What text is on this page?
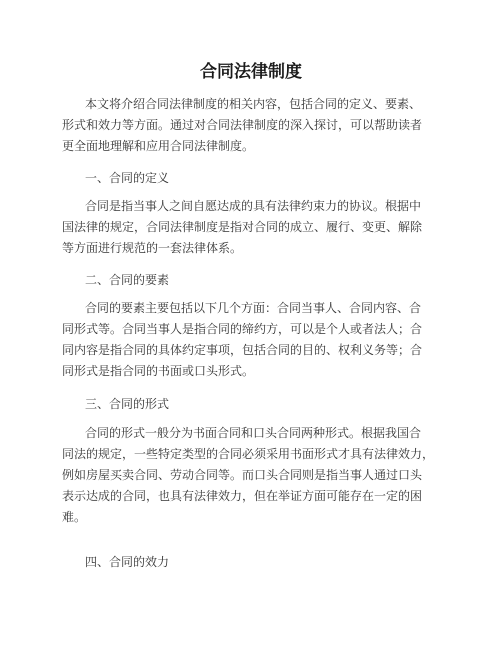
合同法律制度
本文将介绍合同法律制度的相关内容，包括合同的定义、要素、
形式和效力等方面。通过对合同法律制度的深入探讨，可以帮助读者
更全面地理解和应用合同法律制度。
一、合同的定义
合同是指当事人之间自愿达成的具有法律约束力的协议。根据中
国法律的规定，合同法律制度是指对合同的成立、履行、变更、解除
等方面进行规范的一套法律体系。
二、合同的要素
合同的要素主要包括以下几个方面：合同当事人、合同内容、合
同形式等。合同当事人是指合同的缔约方，可以是个人或者法人；合
同内容是指合同的具体约定事项，包括合同的目的、权利义务等；合
同形式是指合同的书面或口头形式。
三、合同的形式
合同的形式一般分为书面合同和口头合同两种形式。根据我国合
同法的规定，一些特定类型的合同必须采用书面形式才具有法律效力，
例如房屋买卖合同、劳动合同等。而口头合同则是指当事人通过口头
表示达成的合同，也具有法律效力，但在举证方面可能存在一定的困
难。
四、合同的效力
